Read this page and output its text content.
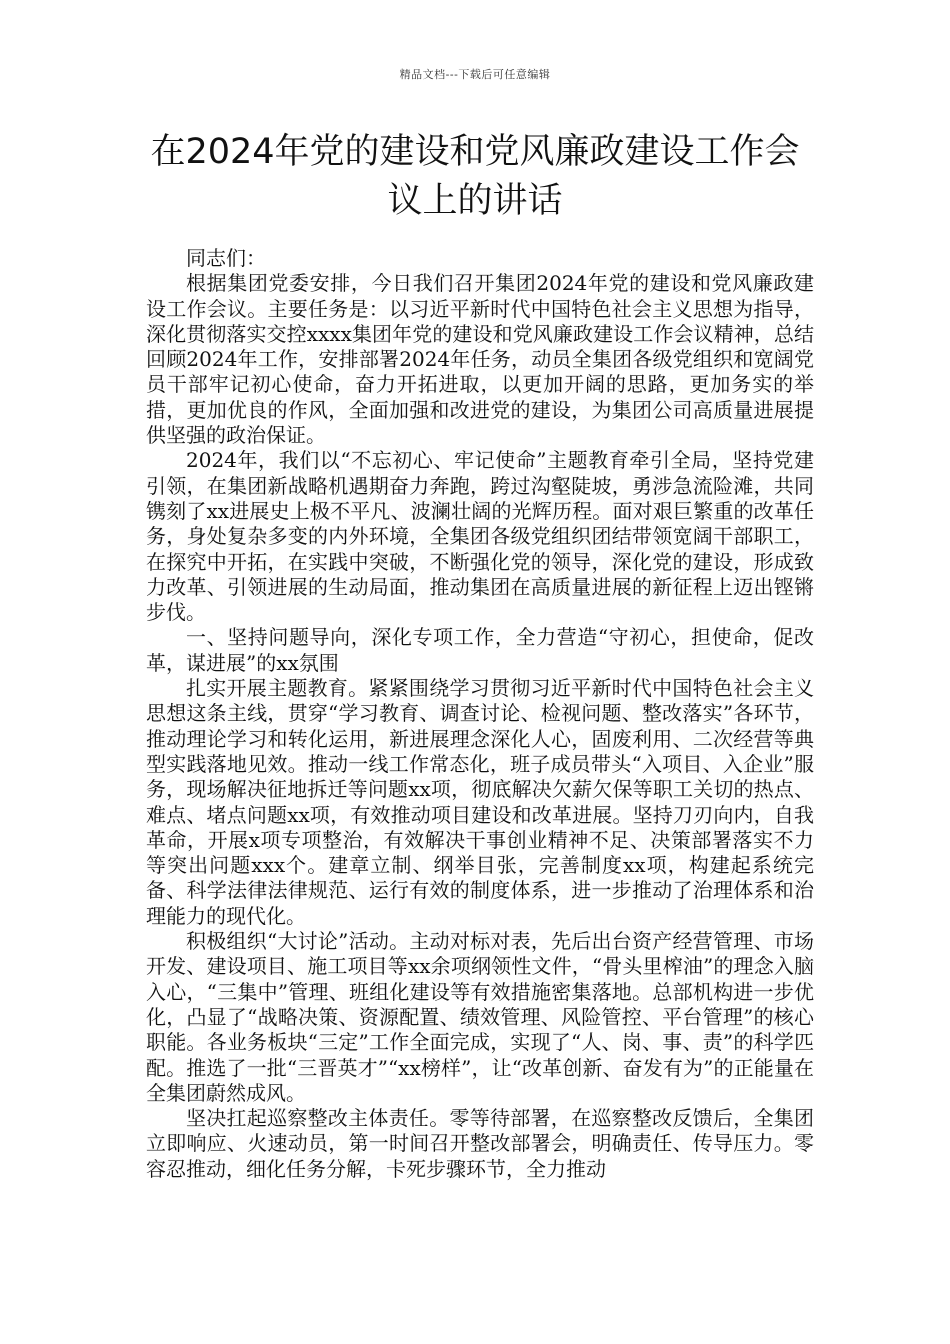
精品文档---下载后可任意编辑
在2024年党的建设和党风廉政建设工作会议上的讲话

同志们：

根据集团党委安排，今日我们召开集团2024年党的建设和党风廉政建设工作会议。主要任务是：以习近平新时代中国特色社会主义思想为指导，深化贯彻落实交控xxxx集团年党的建设和党风廉政建设工作会议精神，总结回顾2024年工作，安排部署2024年任务，动员全集团各级党组织和宽阔党员干部牢记初心使命，奋力开拓进取，以更加开阔的思路，更加务实的举措，更加优良的作风，全面加强和改进党的建设，为集团公司高质量进展提供坚强的政治保证。

2024年，我们以“不忘初心、牢记使命”主题教育牵引全局，坚持党建引领，在集团新战略机遇期奋力奔跑，跨过沟壑陡坡，勇涉急流险滩，共同镌刻了xx进展史上极不平凡、波澜壮阔的光辉历程。面对艰巨繁重的改革任务，身处复杂多变的内外环境，全集团各级党组织团结带领宽阔干部职工，在探究中开拓，在实践中突破，不断强化党的领导，深化党的建设，形成致力改革、引领进展的生动局面，推动集团在高质量进展的新征程上迈出铿锵步伐。

一、坚持问题导向，深化专项工作，全力营造“守初心，担使命，促改革，谋进展”的xx氛围

扎实开展主题教育。紧紧围绕学习贯彻习近平新时代中国特色社会主义思想这条主线，贯穿“学习教育、调查讨论、检视问题、整改落实”各环节，推动理论学习和转化运用，新进展理念深化人心，固废利用、二次经营等典型实践落地见效。推动一线工作常态化，班子成员带头“入项目、入企业”服务，现场解决征地拆迁等问题xx项，彻底解决欠薪欠保等职工关切的热点、难点、堵点问题xx项，有效推动项目建设和改革进展。坚持刀刃向内，自我革命，开展x项专项整治，有效解决干事创业精神不足、决策部署落实不力等突出问题xxx个。建章立制、纲举目张，完善制度xx项，构建起系统完备、科学法律法律规范、运行有效的制度体系，进一步推动了治理体系和治理能力的现代化。

积极组织“大讨论”活动。主动对标对表，先后出台资产经营管理、市场开发、建设项目、施工项目等xx余项纲领性文件，“骨头里榨油”的理念入脑入心，“三集中”管理、班组化建设等有效措施密集落地。总部机构进一步优化，凸显了“战略决策、资源配置、绩效管理、风险管控、平台管理”的核心职能。各业务板块“三定”工作全面完成，实现了“人、岗、事、责”的科学匹配。推选了一批“三晋英才”“xx榜样”，让“改革创新、奋发有为”的正能量在全集团蔚然成风。

坚决扛起巡察整改主体责任。零等待部署，在巡察整改反馈后，全集团立即响应、火速动员，第一时间召开整改部署会，明确责任、传导压力。零容忍推动，细化任务分解，卡死步骤环节，全力推动
